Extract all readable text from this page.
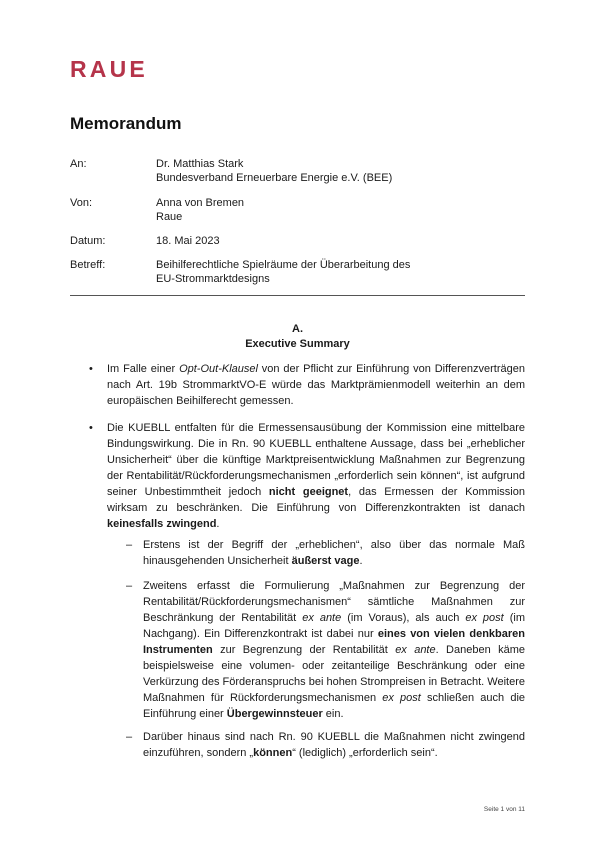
RAUE
Memorandum
An:	Dr. Matthias Stark
Bundesverband Erneuerbare Energie e.V. (BEE)
Von:	Anna von Bremen
Raue
Datum:	18. Mai 2023
Betreff:	Beihilferechtliche Spielräume der Überarbeitung des
EU-Strommarktdesigns
A.
Executive Summary
• Im Falle einer Opt-Out-Klausel von der Pflicht zur Einführung von Differenzverträgen nach Art. 19b StrommarktVO-E würde das Marktprämienmodell weiterhin an dem europäischen Beihilferecht gemessen.
• Die KUEBLL entfalten für die Ermessensausübung der Kommission eine mittelbare Bindungswirkung. Die in Rn. 90 KUEBLL enthaltene Aussage, dass bei „erheblicher Unsicherheit“ über die künftige Marktpreisentwicklung Maßnahmen zur Begrenzung der Rentabilität/Rückforderungsmechanismen „erforderlich sein können“, ist aufgrund seiner Unbestimmtheit jedoch nicht geeignet, das Ermessen der Kommission wirksam zu beschränken. Die Einführung von Differenzkontrakten ist danach keinesfalls zwingend.
– Erstens ist der Begriff der „erheblichen“, also über das normale Maß hinausgehenden Unsicherheit äußerst vage.
– Zweitens erfasst die Formulierung „Maßnahmen zur Begrenzung der Rentabilität/Rückforderungsmechanismen“ sämtliche Maßnahmen zur Beschränkung der Rentabilität ex ante (im Voraus), als auch ex post (im Nachgang). Ein Differenzkontrakt ist dabei nur eines von vielen denkbaren Instrumenten zur Begrenzung der Rentabilität ex ante. Daneben käme beispielsweise eine volumen- oder zeitanteilige Beschränkung oder eine Verkürzung des Förderanspruchs bei hohen Strompreisen in Betracht. Weitere Maßnahmen für Rückforderungsmechanismen ex post schließen auch die Einführung einer Übergewinnsteuer ein.
– Darüber hinaus sind nach Rn. 90 KUEBLL die Maßnahmen nicht zwingend einzuführen, sondern „können“ (lediglich) „erforderlich sein“.
Seite 1 von 11
